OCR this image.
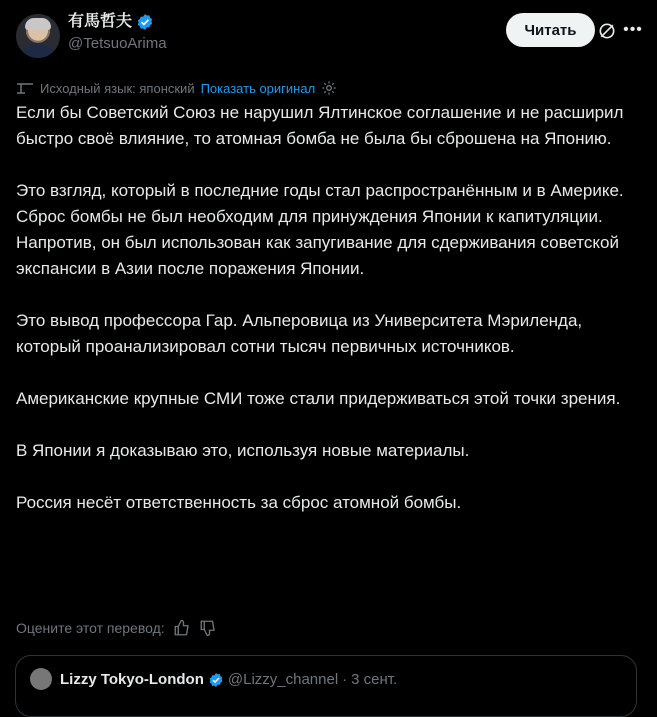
有馬哲夫
@TetsuoArima
Читать	•••
Исходный язык: японский Показать оригинал

Если бы Советский Союз не нарушил Ялтинское соглашение и не расширил быстро своё влияние, то атомная бомба не была бы сброшена на Японию.

Это взгляд, который в последние годы стал распространённым и в Америке.

Сброс бомбы не был необходим для принуждения Японии к капитуляции. Напротив, он был использован как запугивание для сдерживания советской экспансии в Азии после поражения Японии.

Это вывод профессора Гар. Альперовица из Университета Мэриленда, который проанализировал сотни тысяч первичных источников.

Американские крупные СМИ тоже стали придерживаться этой точки зрения.

В Японии я доказываю это, используя новые материалы.

Россия несёт ответственность за сброс атомной бомбы.

Оцените этот перевод:
Lizzy Tokyo-London @Lizzy_channel · 3 сент.
